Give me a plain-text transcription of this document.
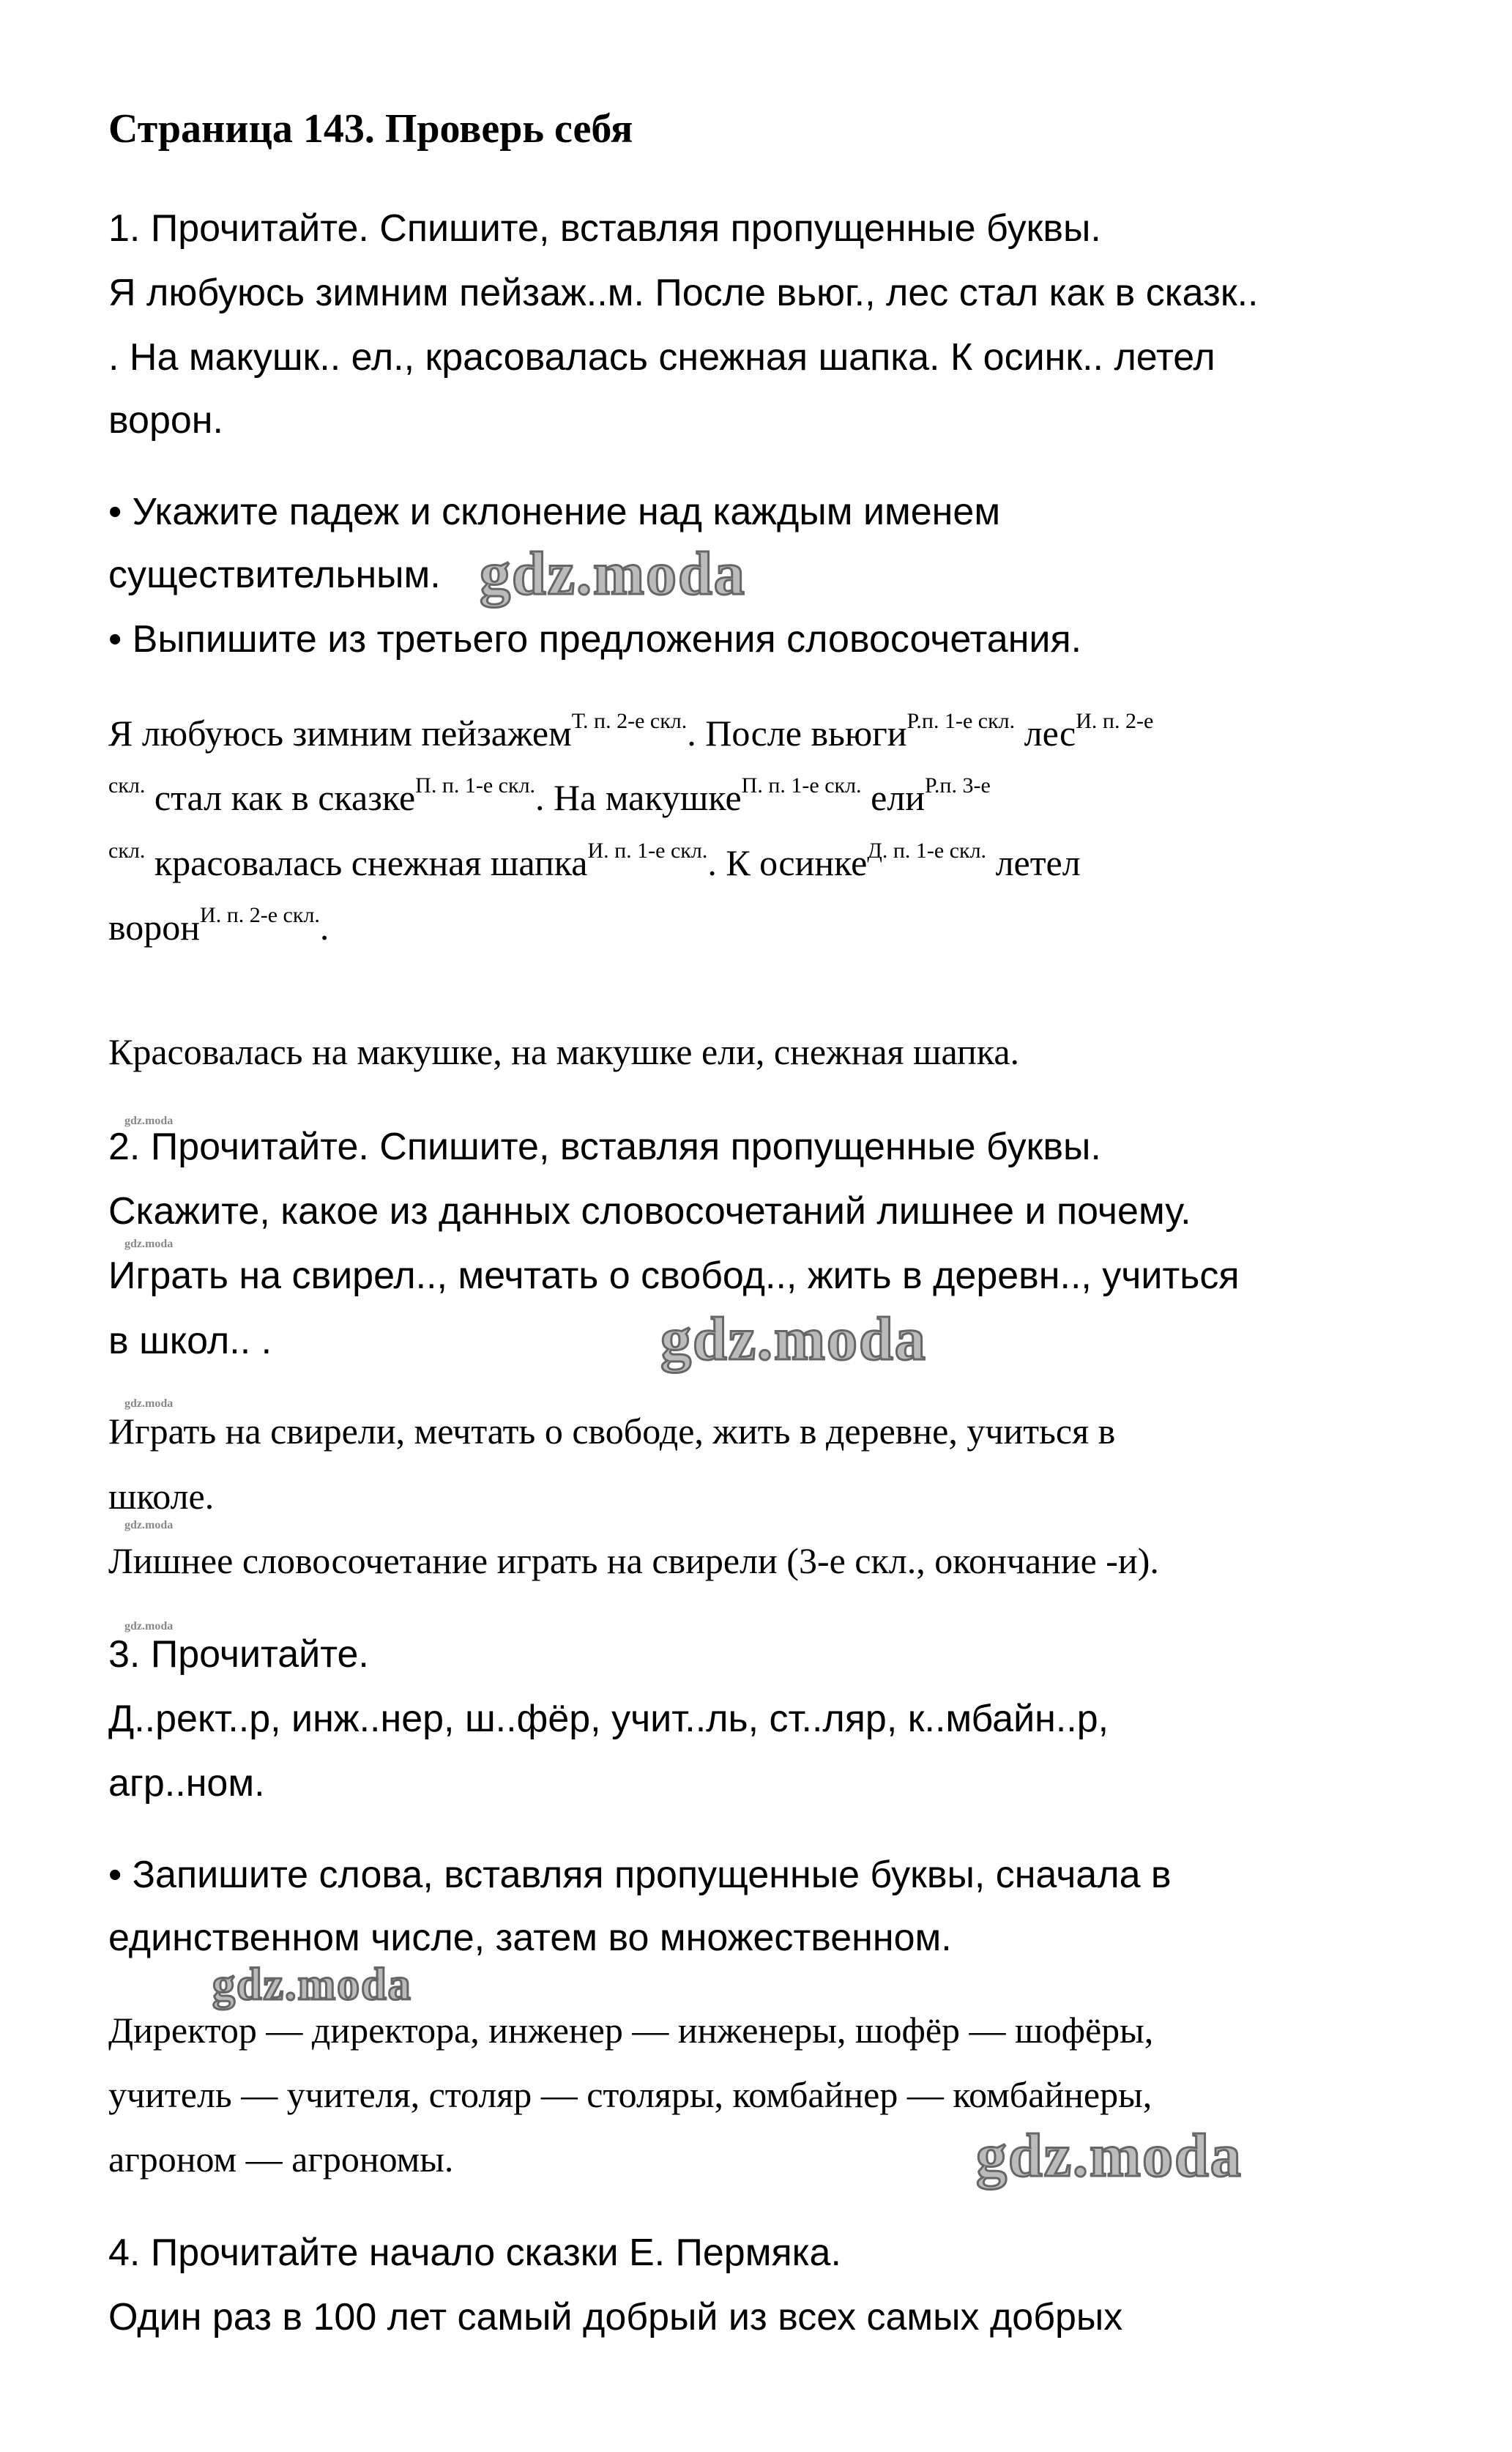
Страница 143. Проверь себя
1. Прочитайте. Спишите, вставляя пропущенные буквы.
Я любуюсь зимним пейзаж..м. После вьюг., лес стал как в сказк..
. На макушк.. ел., красовалась снежная шапка. К осинк.. летел
ворон.
• Укажите падеж и склонение над каждым именем
существительным.
• Выпишите из третьего предложения словосочетания.
Я любуюсь зимним пейзажем$^{Т. п. 2-е скл.}$. После вьюги$^{Р.п. 1-е скл.}$ лес$^{И. п. 2-е}$
$^{скл.}$ стал как в сказке$^{П. п. 1-е скл.}$. На макушке$^{П. п. 1-е скл.}$ ели$^{Р.п. 3-е}$
$^{скл.}$ красовалась снежная шапка$^{И. п. 1-е скл.}$. К осинке$^{Д. п. 1-е скл.}$ летел
ворон$^{И. п. 2-е скл.}$.
Красовалась на макушке, на макушке ели, снежная шапка.
2. Прочитайте. Спишите, вставляя пропущенные буквы.
Скажите, какое из данных словосочетаний лишнее и почему.
Играть на свирел.., мечтать о свобод.., жить в деревн.., учиться
в школ.. .
Играть на свирели, мечтать о свободе, жить в деревне, учиться в
школе.
Лишнее словосочетание играть на свирели (3-е скл., окончание -и).
3. Прочитайте.
Д..рект..р, инж..нер, ш..фёр, учит..ль, ст..ляр, к..мбайн..р,
агр..ном.
• Запишите слова, вставляя пропущенные буквы, сначала в
единственном числе, затем во множественном.
Директор — директора, инженер — инженеры, шофёр — шофёры,
учитель — учителя, столяр — столяры, комбайнер — комбайнеры,
агроном — агрономы.
4. Прочитайте начало сказки Е. Пермяка.
Один раз в 100 лет самый добрый из всех самых добрых
gdz.moda
gdz.moda
gdz.moda
gdz.moda
gdz.moda
gdz.moda
gdz.moda
gdz.moda
gdz.moda
